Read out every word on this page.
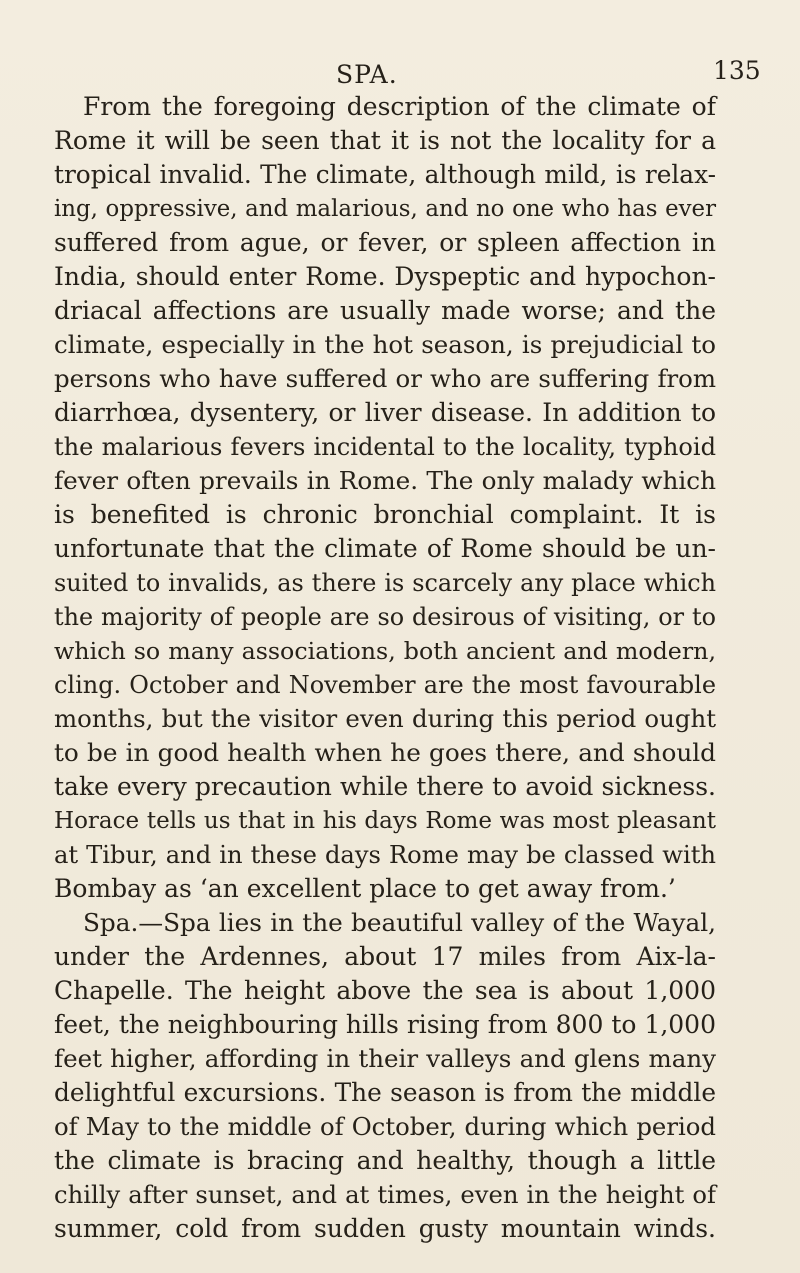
SPA.	135
From the foregoing description of the climate of
Rome it will be seen that it is not the locality for a
tropical invalid. The climate, although mild, is relax-
ing, oppressive, and malarious, and no one who has ever
suffered from ague, or fever, or spleen affection in
India, should enter Rome. Dyspeptic and hypochon-
driacal affections are usually made worse; and the
climate, especially in the hot season, is prejudicial to
persons who have suffered or who are suffering from
diarrhœa, dysentery, or liver disease. In addition to
the malarious fevers incidental to the locality, typhoid
fever often prevails in Rome. The only malady which
is benefited is chronic bronchial complaint. It is
unfortunate that the climate of Rome should be un-
suited to invalids, as there is scarcely any place which
the majority of people are so desirous of visiting, or to
which so many associations, both ancient and modern,
cling. October and November are the most favourable
months, but the visitor even during this period ought
to be in good health when he goes there, and should
take every precaution while there to avoid sickness.
Horace tells us that in his days Rome was most pleasant
at Tibur, and in these days Rome may be classed with
Bombay as ‘an excellent place to get away from.’
Spa.—Spa lies in the beautiful valley of the Wayal,
under the Ardennes, about 17 miles from Aix-la-
Chapelle. The height above the sea is about 1,000
feet, the neighbouring hills rising from 800 to 1,000
feet higher, affording in their valleys and glens many
delightful excursions. The season is from the middle
of May to the middle of October, during which period
the climate is bracing and healthy, though a little
chilly after sunset, and at times, even in the height of
summer, cold from sudden gusty mountain winds.
